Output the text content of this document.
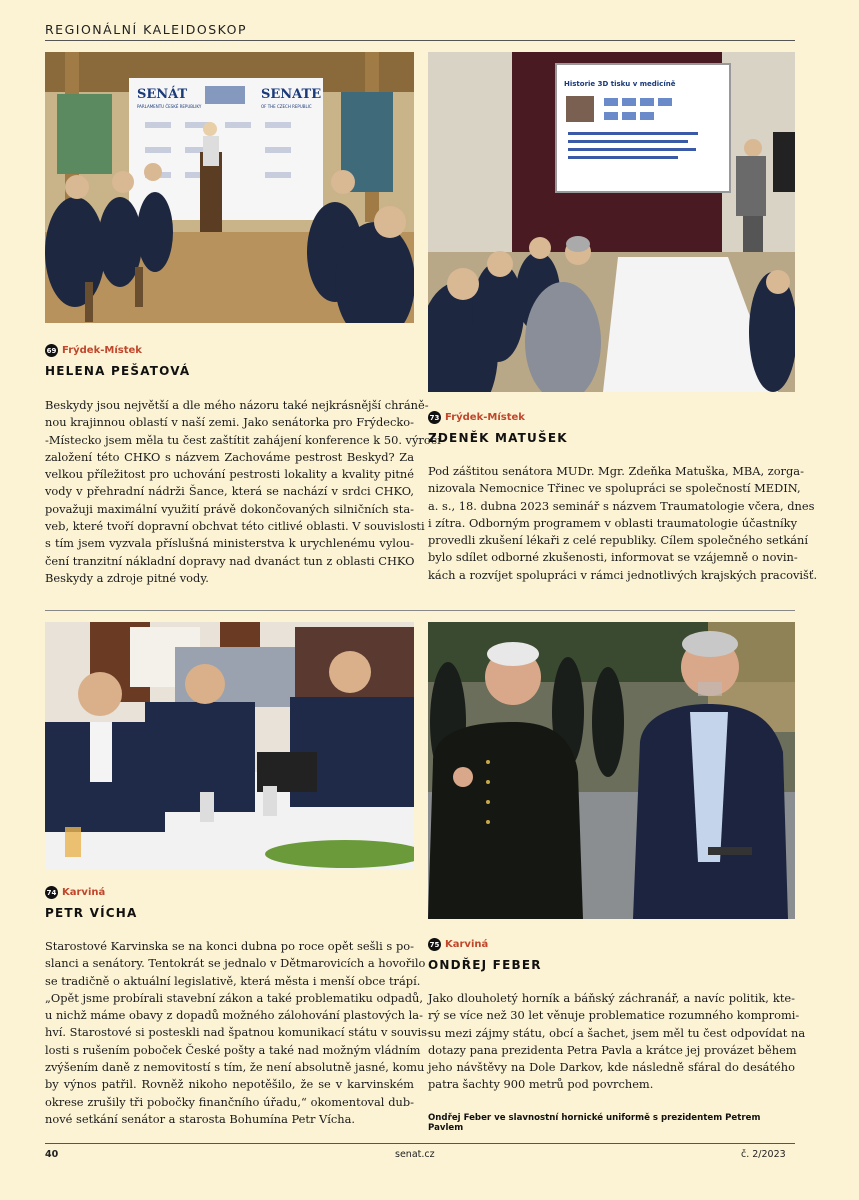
REGIONÁLNÍ KALEIDOSKOP
SENÁT
PARLAMENTU ČESKÉ REPUBLIKY
SENATE
OF THE CZECH REPUBLIC
Historie 3D tisku v medicíně
69 Frýdek-Místek
HELENA PEŠATOVÁ

Beskydy jsou největší a dle mého názoru také nejkrásnější chráně-
nou krajinnou oblastí v naší zemi. Jako senátorka pro Frýdecko-
-Místecko jsem měla tu čest zaštítit zahájení konference k 50. výročí
založení této CHKO s názvem Zachováme pestrost Beskyd? Za
velkou příležitost pro uchování pestrosti lokality a kvality pitné
vody v přehradní nádrži Šance, která se nachází v srdci CHKO,
považuji maximální využití právě dokončovaných silničních sta-
veb, které tvoří dopravní obchvat této citlivé oblasti. V souvislosti
s tím jsem vyzvala příslušná ministerstva k urychlenému vylou-
čení tranzitní nákladní dopravy nad dvanáct tun z oblasti CHKO
Beskydy a zdroje pitné vody.

73 Frýdek-Místek
ZDENĚK MATUŠEK

Pod záštitou senátora MUDr. Mgr. Zdeňka Matuška, MBA, zorga-
nizovala Nemocnice Třinec ve spolupráci se společností MEDIN,
a. s., 18. dubna 2023 seminář s názvem Traumatologie včera, dnes
i zítra. Odborným programem v oblasti traumatologie účastníky
provedli zkušení lékaři z celé republiky. Cílem společného setkání
bylo sdílet odborné zkušenosti, informovat se vzájemně o novin-
kách a rozvíjet spolupráci v rámci jednotlivých krajských pracovišť.

74 Karviná
PETR VÍCHA

Starostové Karvinska se na konci dubna po roce opět sešli s po-
slanci a senátory. Tentokrát se jednalo v Dětmarovicích a hovořilo
se tradičně o aktuální legislativě, která města i menší obce trápí.
„Opět jsme probírali stavební zákon a také problematiku odpadů,
u nichž máme obavy z dopadů možného zálohování plastových la-
hví. Starostové si posteskli nad špatnou komunikací státu v souvis-
losti s rušením poboček České pošty a také nad možným vládním
zvýšením daně z nemovitostí s tím, že není absolutně jasné, komu
by výnos patřil. Rovněž nikoho nepotěšilo, že se v karvinském
okrese zrušily tři pobočky finančního úřadu,“ okomentoval dub-
nové setkání senátor a starosta Bohumína Petr Vícha.

75 Karviná
ONDŘEJ FEBER

Jako dlouholetý horník a báňský záchranář, a navíc politik, kte-
rý se více než 30 let věnuje problematice rozumného kompromi-
su mezi zájmy státu, obcí a šachet, jsem měl tu čest odpovídat na
dotazy pana prezidenta Petra Pavla a krátce jej provázet během
jeho návštěvy na Dole Darkov, kde následně sfáral do desátého
patra šachty 900 metrů pod povrchem.

Ondřej Feber ve slavnostní hornické uniformě s prezidentem Petrem Pavlem
40	senat.cz	č. 2/2023
